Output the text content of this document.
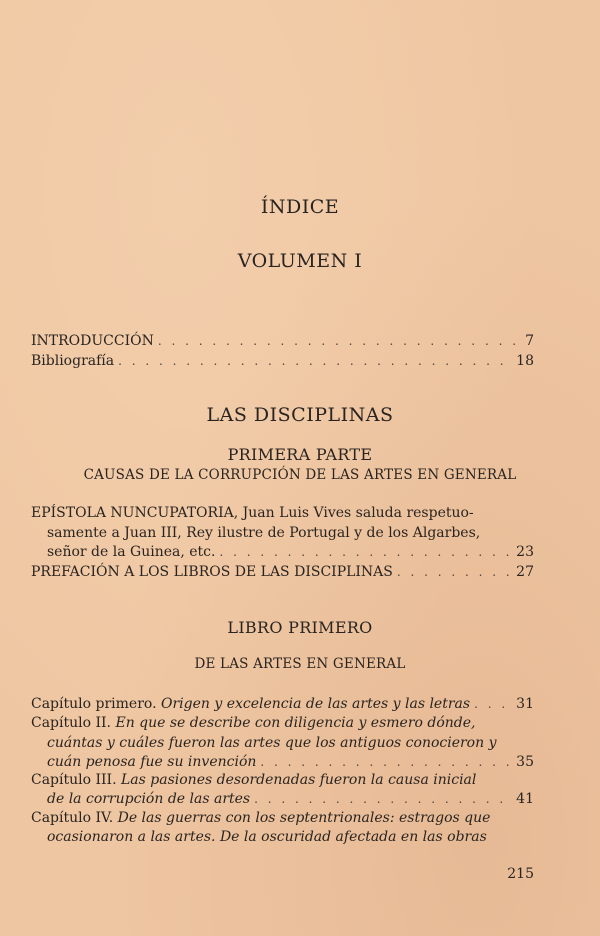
ÍNDICE
VOLUMEN I
INTRODUCCIÓN . . .	7
Bibliografía . . .	18
LAS DISCIPLINAS
PRIMERA PARTE
CAUSAS DE LA CORRUPCIÓN DE LAS ARTES EN GENERAL
EPÍSTOLA NUNCUPATORIA, Juan Luis Vives saluda respetuo-
samente a Juan III, Rey ilustre de Portugal y de los Algarbes,
señor de la Guinea, etc. . . .	23
PREFACIÓN A LOS LIBROS DE LAS DISCIPLINAS . . .	27
LIBRO PRIMERO
DE LAS ARTES EN GENERAL
Capítulo primero. Origen y excelencia de las artes y las letras . . .	31
Capítulo II. En que se describe con diligencia y esmero dónde,
cuántas y cuáles fueron las artes que los antiguos conocieron y
cuán penosa fue su invención . . .	35
Capítulo III. Las pasiones desordenadas fueron la causa inicial
de la corrupción de las artes . . .	41
Capítulo IV. De las guerras con los septentrionales: estragos que
ocasionaron a las artes. De la oscuridad afectada en las obras
215
